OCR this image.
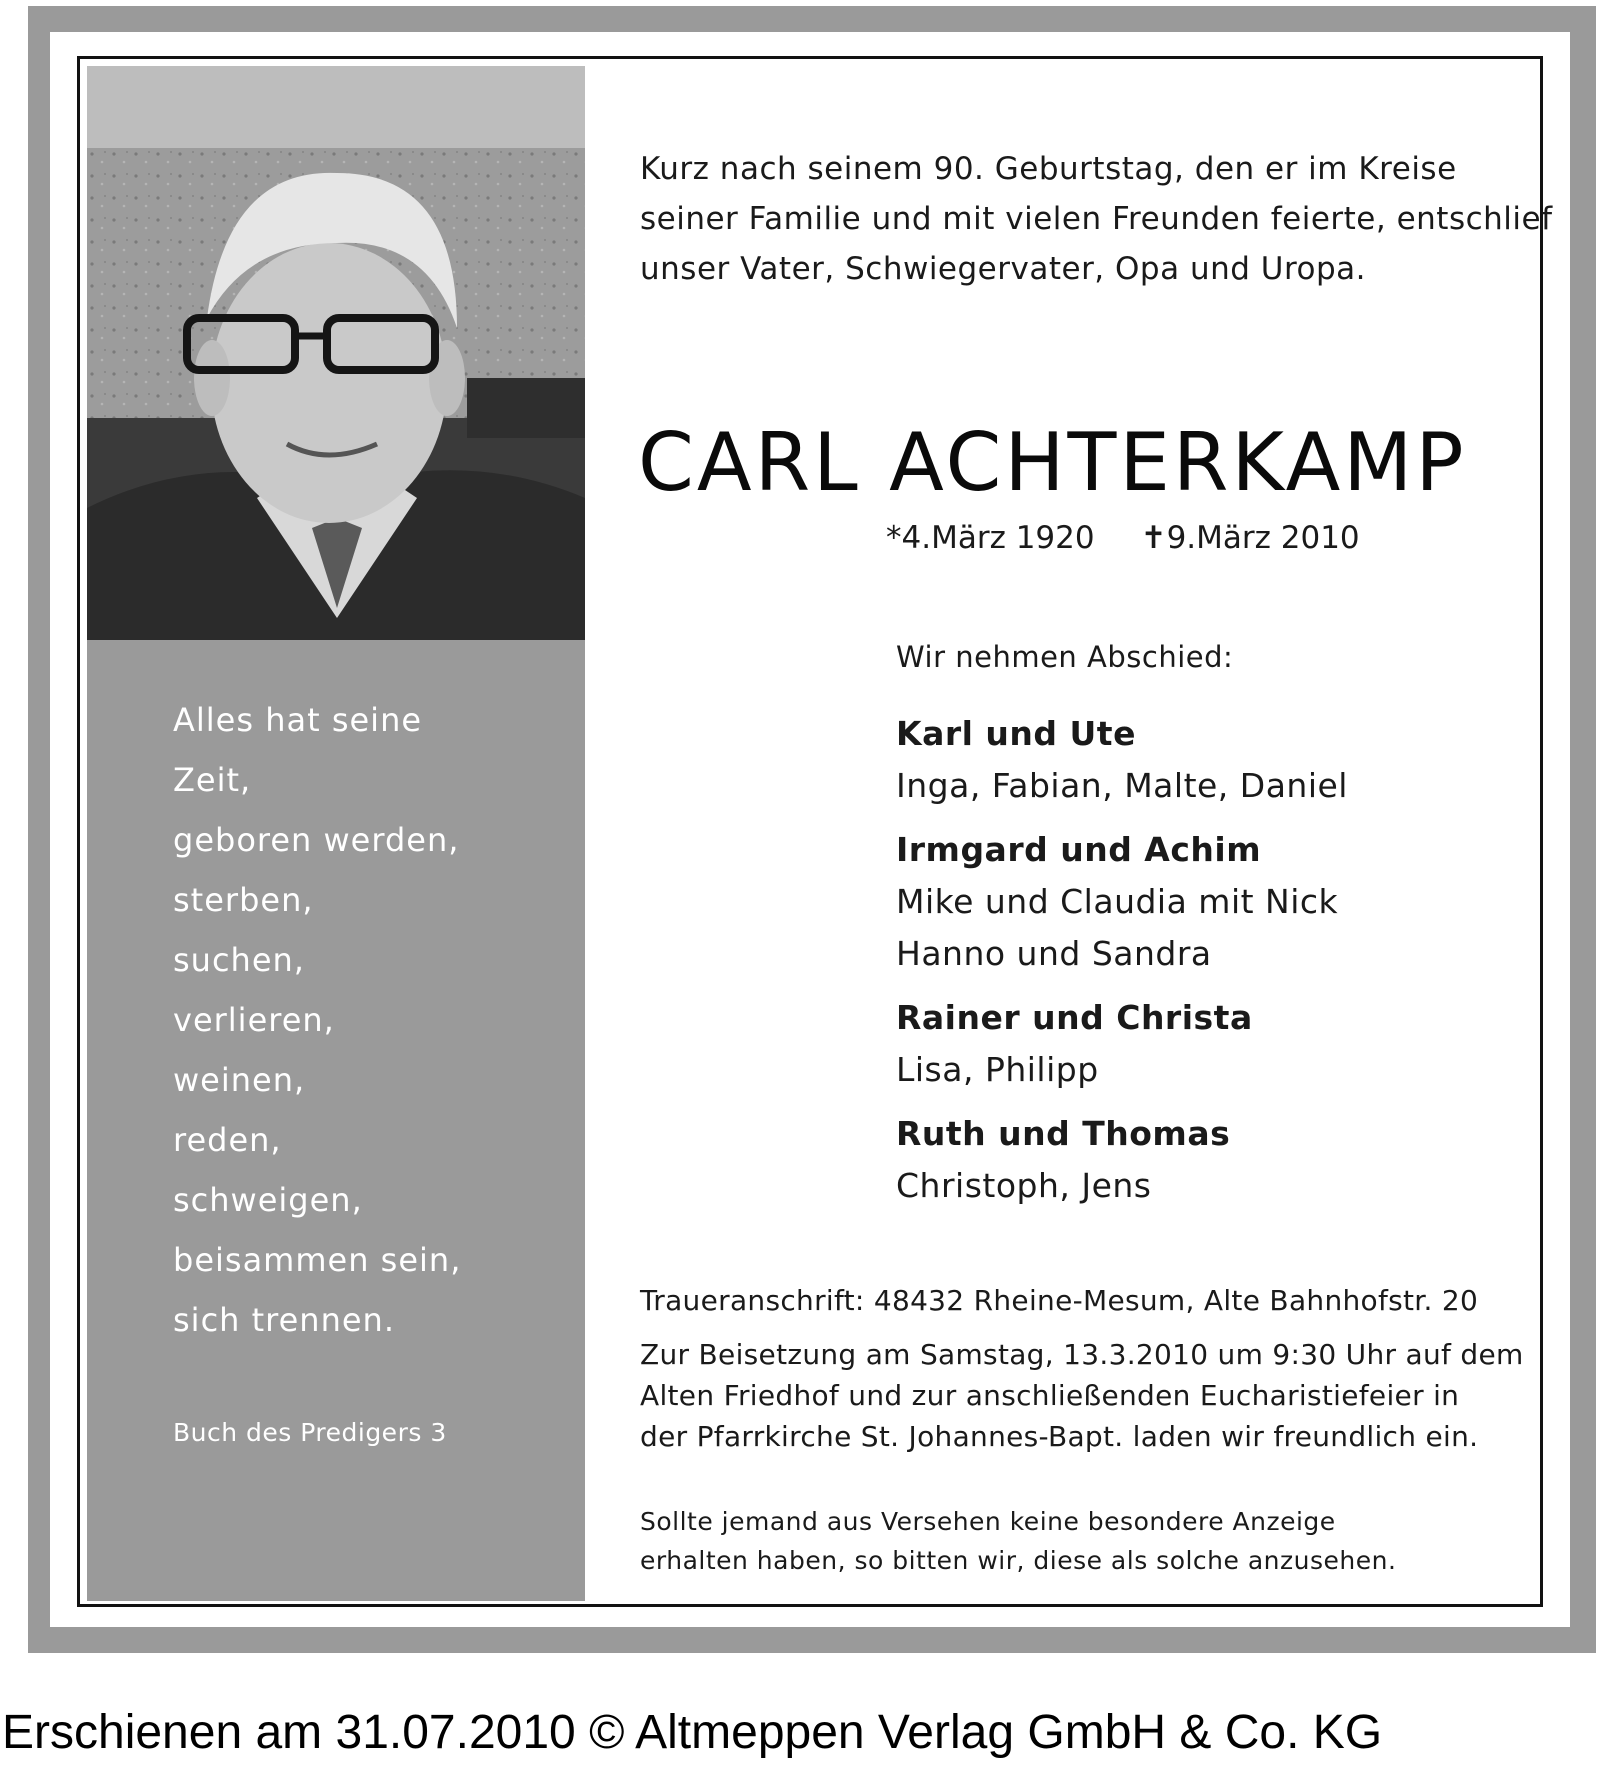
Alles hat seine
Zeit,
geboren werden,
sterben,
suchen,
verlieren,
weinen,
reden,
schweigen,
beisammen sein,
sich trennen.
Buch des Predigers 3

Kurz nach seinem 90. Geburtstag, den er im Kreise
seiner Familie und mit vielen Freunden feierte, entschlief
unser Vater, Schwiegervater, Opa und Uropa.

CARL ACHTERKAMP
*4.März 1920 ✝9.März 2010
Wir nehmen Abschied:
Karl und Ute
Inga, Fabian, Malte, Daniel
Irmgard und Achim
Mike und Claudia mit Nick
Hanno und Sandra
Rainer und Christa
Lisa, Philipp
Ruth und Thomas
Christoph, Jens
Traueranschrift: 48432 Rheine-Mesum, Alte Bahnhofstr. 20
Zur Beisetzung am Samstag, 13.3.2010 um 9:30 Uhr auf dem
Alten Friedhof und zur anschließenden Eucharistiefeier in
der Pfarrkirche St. Johannes-Bapt. laden wir freundlich ein.
Sollte jemand aus Versehen keine besondere Anzeige
erhalten haben, so bitten wir, diese als solche anzusehen.
Erschienen am 31.07.2010 © Altmeppen Verlag GmbH & Co. KG
